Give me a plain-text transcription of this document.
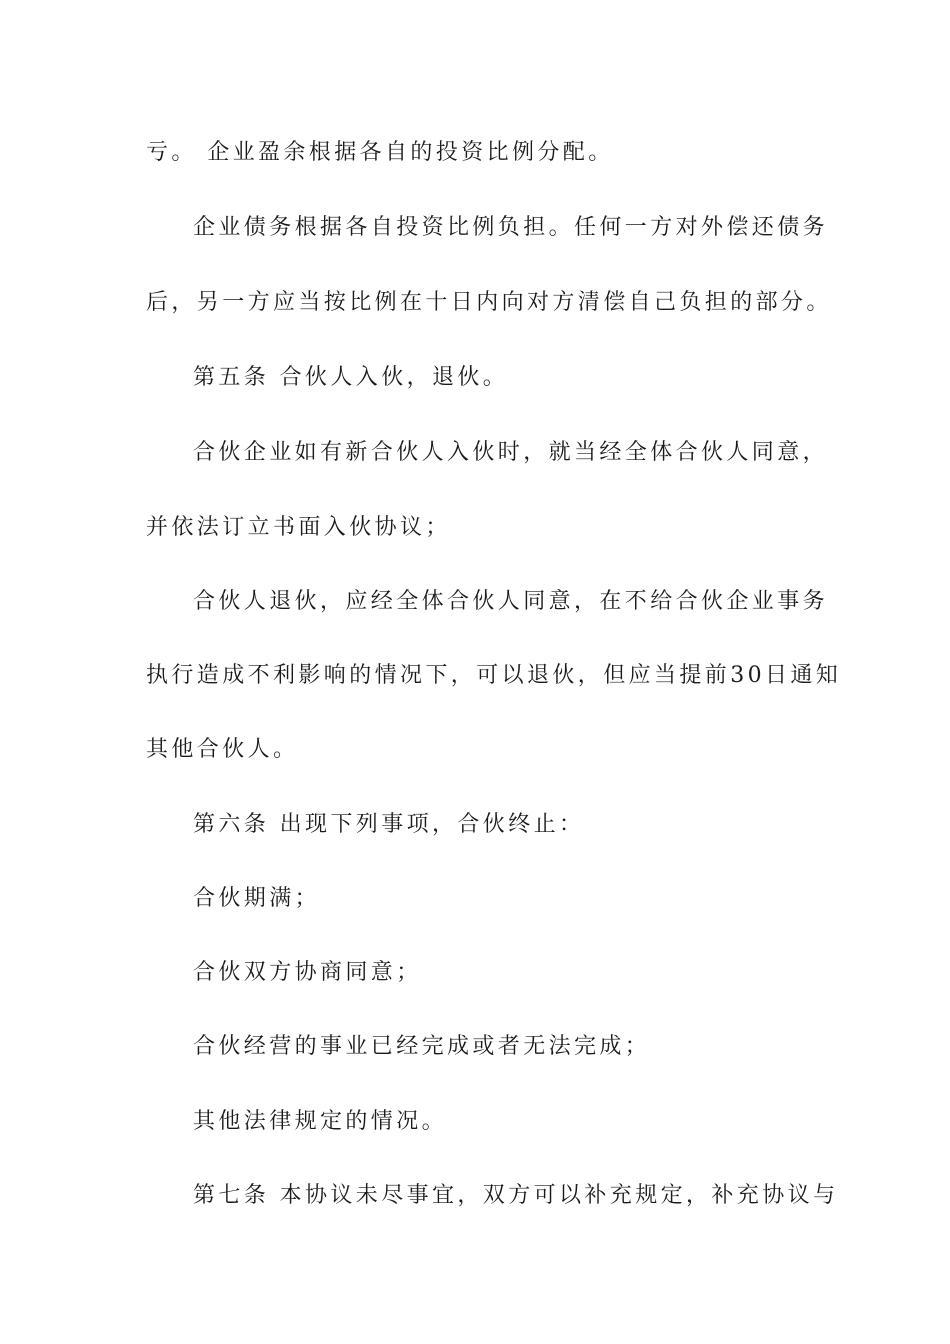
亏。 企业盈余根据各自的投资比例分配。
企业债务根据各自投资比例负担。任何一方对外偿还债务
后，另一方应当按比例在十日内向对方清偿自己负担的部分。
第五条 合伙人入伙，退伙。
合伙企业如有新合伙人入伙时，就当经全体合伙人同意，
并依法订立书面入伙协议；
合伙人退伙，应经全体合伙人同意，在不给合伙企业事务
执行造成不利影响的情况下，可以退伙，但应当提前30日通知
其他合伙人。
第六条 出现下列事项，合伙终止：
合伙期满；
合伙双方协商同意；
合伙经营的事业已经完成或者无法完成；
其他法律规定的情况。
第七条 本协议未尽事宜，双方可以补充规定，补充协议与
